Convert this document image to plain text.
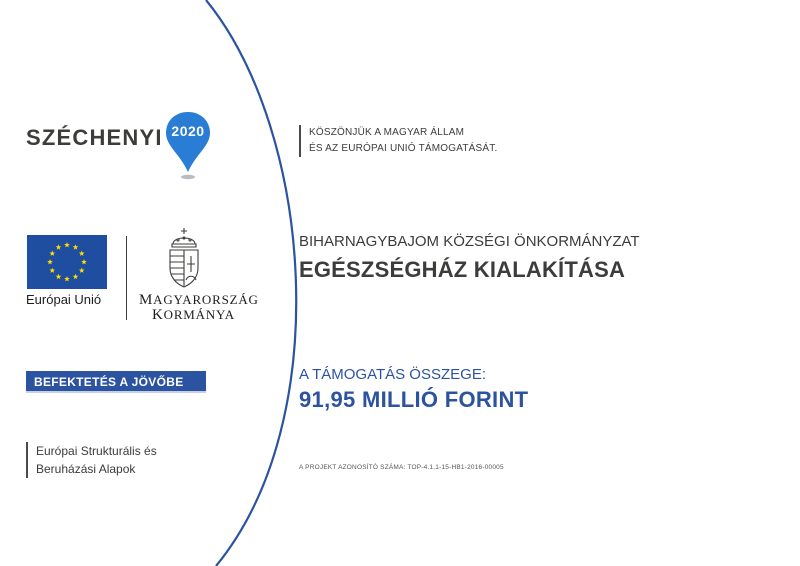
SZÉCHENYI 2020	KÖSZÖNJÜK A MAGYAR ÁLLAM
ÉS AZ EURÓPAI UNIÓ TÁMOGATÁSÁT.
Európai Unió	MAGYARORSZÁG
KORMÁNYA
BEFEKTETÉS A JÖVŐBE
Európai Strukturális és
Beruházási Alapok
BIHARNAGYBAJOM KÖZSÉGI ÖNKORMÁNYZAT
EGÉSZSÉGHÁZ KIALAKÍTÁSA
A TÁMOGATÁS ÖSSZEGE:
91,95 MILLIÓ FORINT
A PROJEKT AZONOSÍTÓ SZÁMA: TOP-4.1.1-15-HB1-2016-00005
